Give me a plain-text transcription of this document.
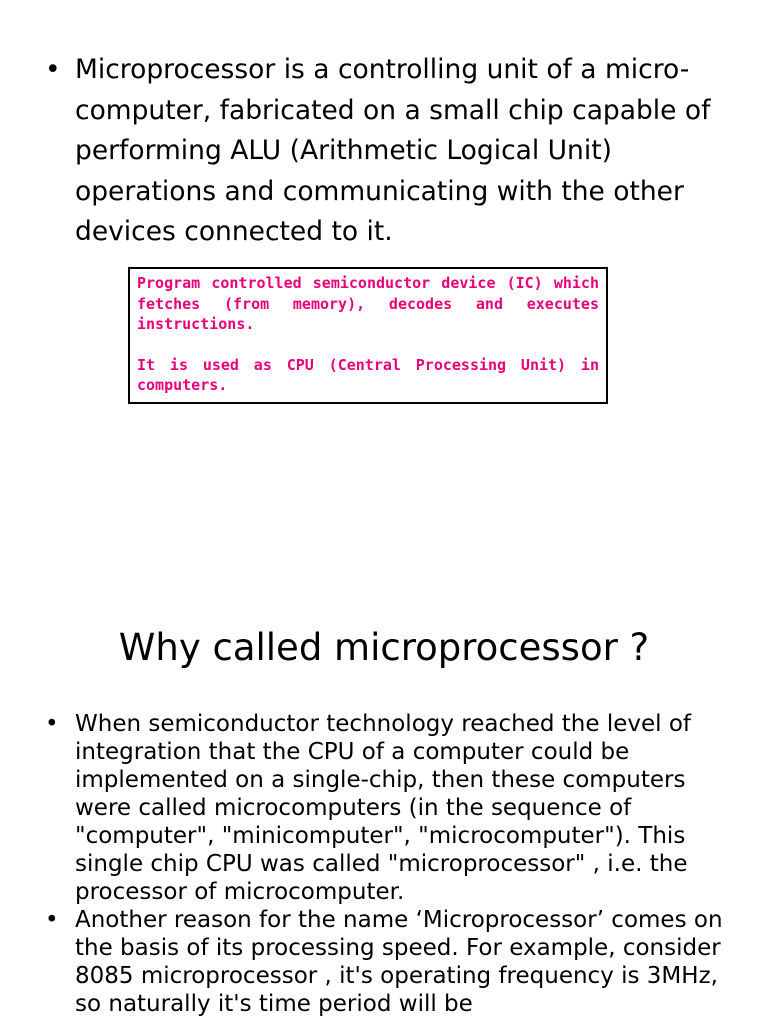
• Microprocessor is a controlling unit of a micro-computer, fabricated on a small chip capable of performing ALU (Arithmetic Logical Unit) operations and communicating with the other devices connected to it.

Program controlled semiconductor device (IC) which fetches (from memory), decodes and executes instructions.

It is used as CPU (Central Processing Unit) in computers.

Why called microprocessor ?
• When semiconductor technology reached the level of integration that the CPU of a computer could be implemented on a single-chip, then these computers were called microcomputers (in the sequence of "computer", "minicomputer", "microcomputer"). This single chip CPU was called "microprocessor" , i.e. the processor of microcomputer.
• Another reason for the name ‘Microprocessor’ comes on the basis of its processing speed. For example, consider 8085 microprocessor , it's operating frequency is 3MHz, so naturally it's time period will be
